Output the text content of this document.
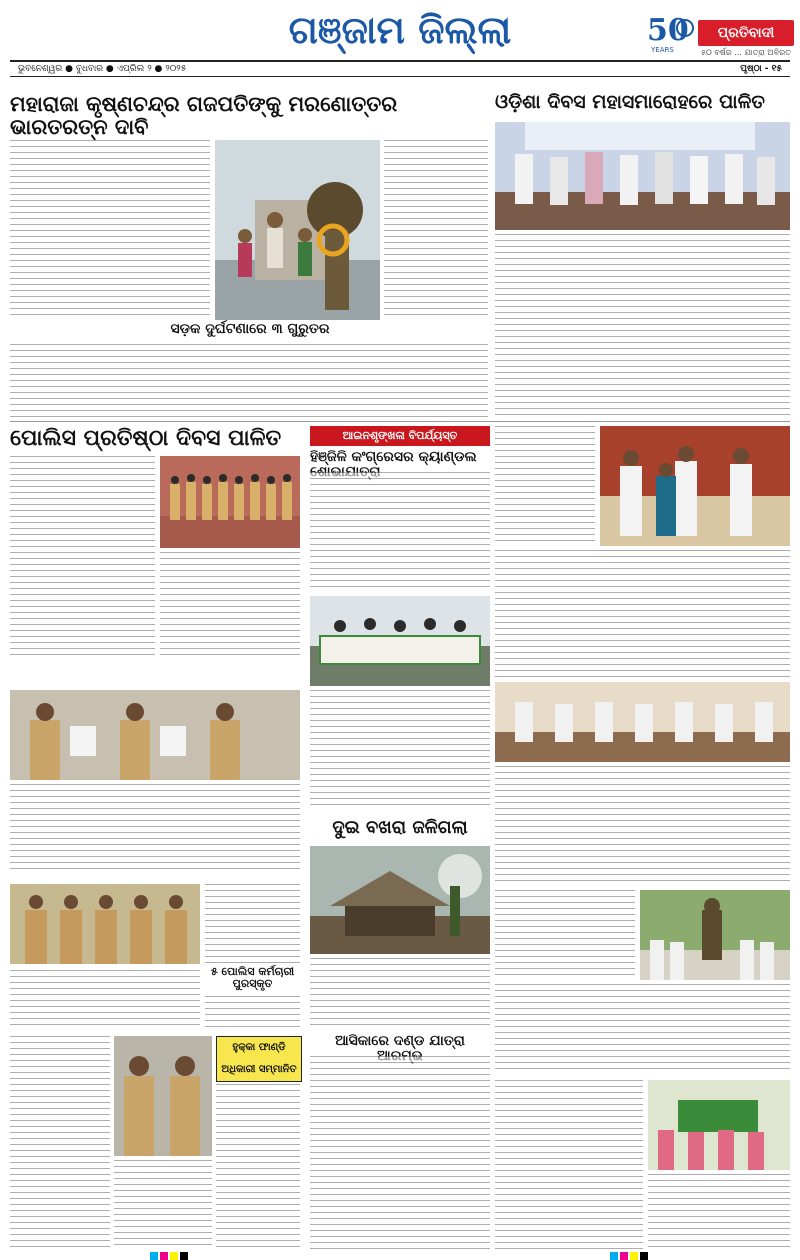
ଗଞ୍ଜାମ ଜିଲ୍ଲା	50
YEARS
ପ୍ରତିବାଦୀ
୫୦ ବର୍ଷର ... ଯାତ୍ରା ଅବିରତ
ଭୁବନେଶ୍ୱର ● ବୁଧବାର ● ଏପ୍ରିଲ ୨ ● ୨୦୨୫	ପୃଷ୍ଠା - ୧୫
ମହାରାଜା କୃଷ୍ଣଚନ୍ଦ୍ର ଗଜପତିଙ୍କୁ ମରଣୋତ୍ତର ଭାରତରତ୍ନ ଦାବି
ଓଡ଼ିଶା ଦିବସ ମହାସମାରୋହରେ ପାଳିତ
ସଡ଼କ ଦୁର୍ଘଟଣାରେ ୩ ଗୁରୁତର
ପୋଲିସ ପ୍ରତିଷ୍ଠା ଦିବସ ପାଳିତ	ଆଇନଶୃଙ୍ଖଳା ବିପର୍ଯ୍ୟସ୍ତ
ହିଞ୍ଜିଳି କଂଗ୍ରେସର କ୍ୟାଣ୍ଡଲ
ଦୁଇ ବଖରା ଜଳିଗଲା
୫ ପୋଲିସ କର୍ମଚାରୀ ପୁରସ୍କୃତ
ଆସିକାରେ ଦଣ୍ଡ ଯାତ୍ରା
ହୁକ୍କା ଫାଣ୍ଡି ଅଧିକାରୀ ସମ୍ମାନିତ
